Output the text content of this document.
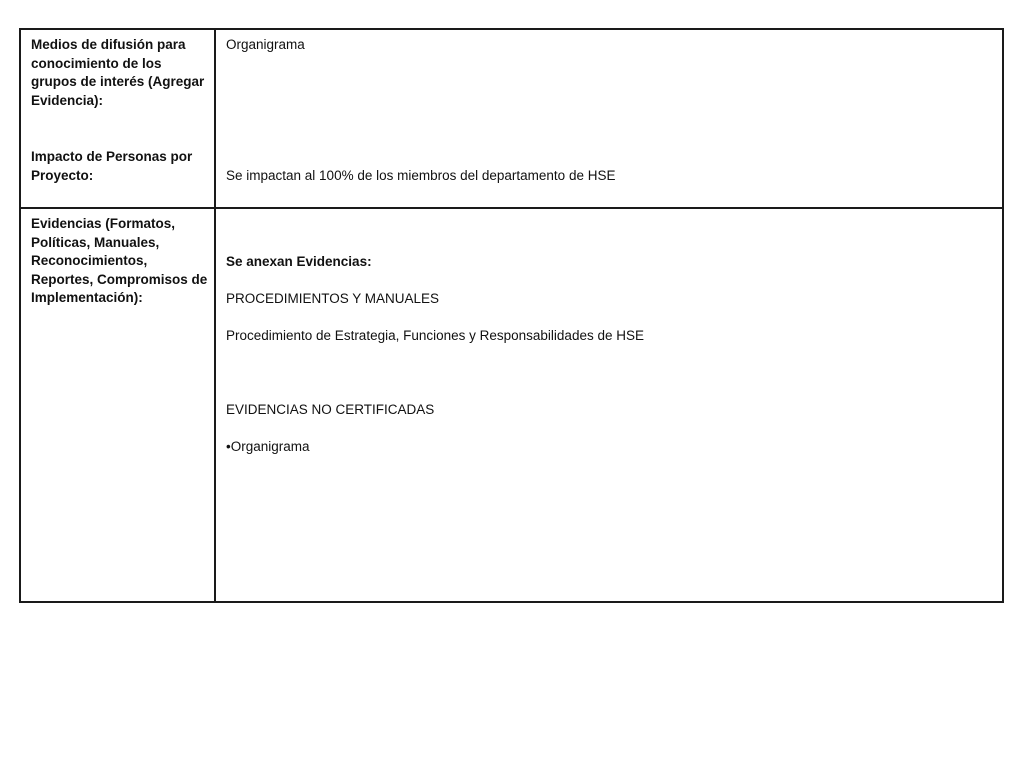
Medios de difusión para conocimiento de los grupos de interés (Agregar Evidencia):

Impacto de Personas por Proyecto:

Organigrama

Se impactan al 100% de los miembros del departamento de HSE

Evidencias (Formatos, Políticas, Manuales, Reconocimientos, Reportes, Compromisos de Implementación):

Se anexan Evidencias:

PROCEDIMIENTOS Y MANUALES

Procedimiento de Estrategia, Funciones y Responsabilidades de HSE

EVIDENCIAS NO CERTIFICADAS

•Organigrama
